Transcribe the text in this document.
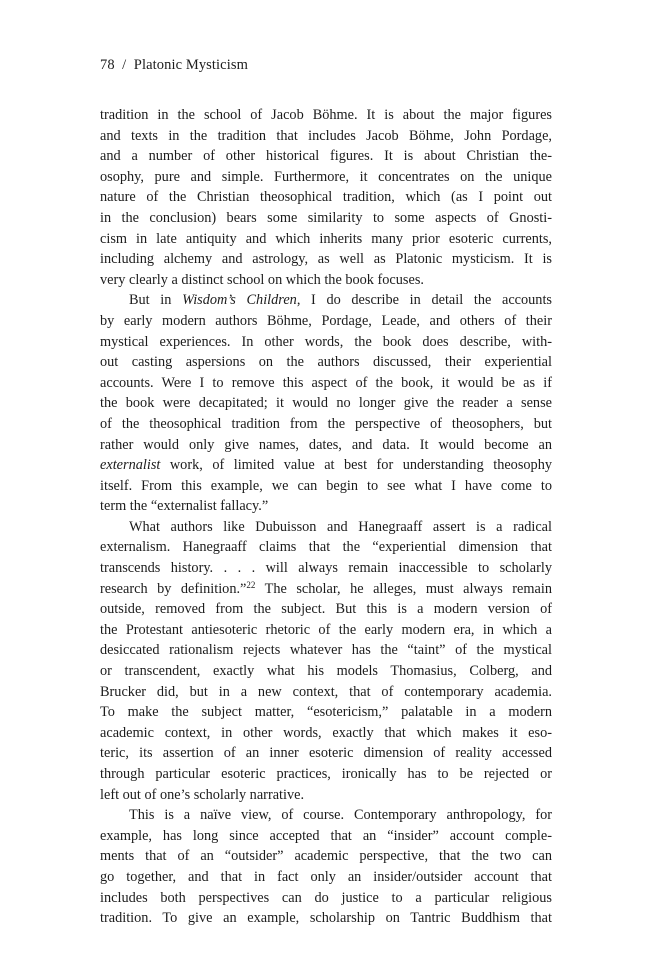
78 / Platonic Mysticism
tradition in the school of Jacob Böhme. It is about the major figures
and texts in the tradition that includes Jacob Böhme, John Pordage,
and a number of other historical figures. It is about Christian the-
osophy, pure and simple. Furthermore, it concentrates on the unique
nature of the Christian theosophical tradition, which (as I point out
in the conclusion) bears some similarity to some aspects of Gnosti-
cism in late antiquity and which inherits many prior esoteric currents,
including alchemy and astrology, as well as Platonic mysticism. It is
very clearly a distinct school on which the book focuses.
But in Wisdom’s Children, I do describe in detail the accounts
by early modern authors Böhme, Pordage, Leade, and others of their
mystical experiences. In other words, the book does describe, with-
out casting aspersions on the authors discussed, their experiential
accounts. Were I to remove this aspect of the book, it would be as if
the book were decapitated; it would no longer give the reader a sense
of the theosophical tradition from the perspective of theosophers, but
rather would only give names, dates, and data. It would become an
externalist work, of limited value at best for understanding theosophy
itself. From this example, we can begin to see what I have come to
term the “externalist fallacy.”
What authors like Dubuisson and Hanegraaff assert is a radical
externalism. Hanegraaff claims that the “experiential dimension that
transcends history. . . . will always remain inaccessible to scholarly
research by definition.”$^{22}$ The scholar, he alleges, must always remain
outside, removed from the subject. But this is a modern version of
the Protestant antiesoteric rhetoric of the early modern era, in which a
desiccated rationalism rejects whatever has the “taint” of the mystical
or transcendent, exactly what his models Thomasius, Colberg, and
Brucker did, but in a new context, that of contemporary academia.
To make the subject matter, “esotericism,” palatable in a modern
academic context, in other words, exactly that which makes it eso-
teric, its assertion of an inner esoteric dimension of reality accessed
through particular esoteric practices, ironically has to be rejected or
left out of one’s scholarly narrative.
This is a naïve view, of course. Contemporary anthropology, for
example, has long since accepted that an “insider” account comple-
ments that of an “outsider” academic perspective, that the two can
go together, and that in fact only an insider/outsider account that
includes both perspectives can do justice to a particular religious
tradition. To give an example, scholarship on Tantric Buddhism that
